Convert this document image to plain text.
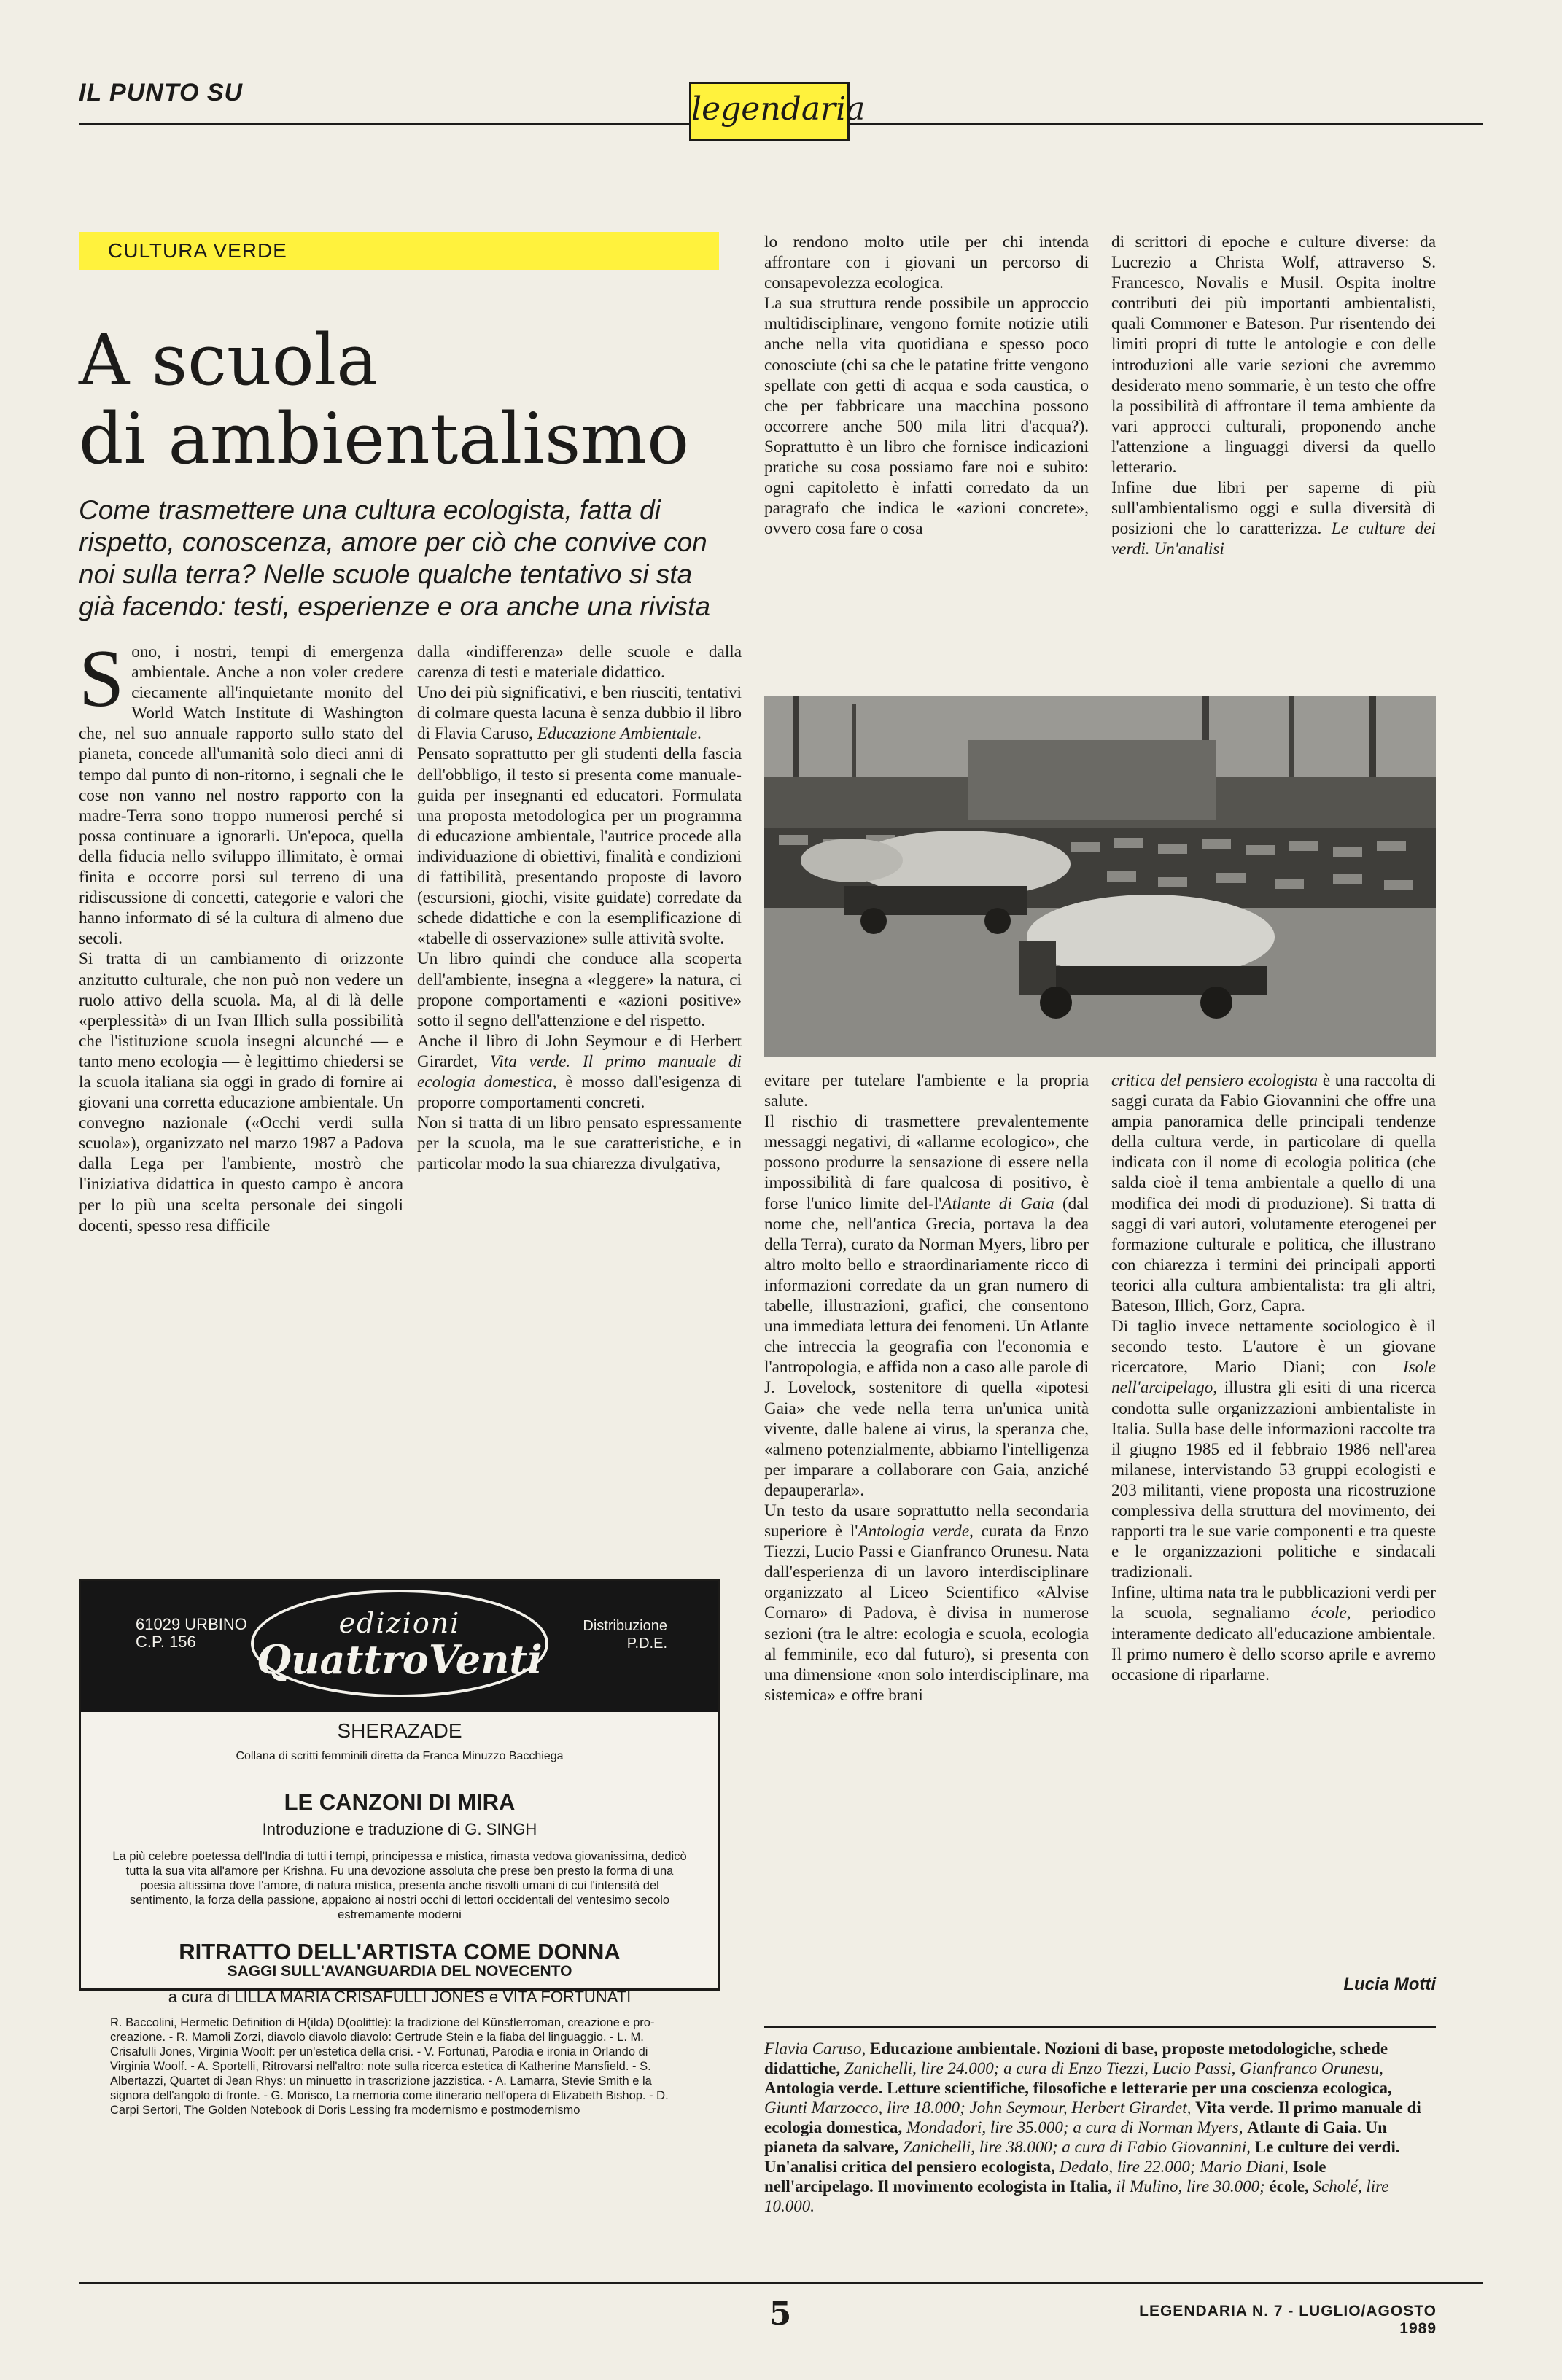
IL PUNTO SU	legendaria
CULTURA VERDE
A scuola
di ambientalismo
Come trasmettere una cultura ecologista, fatta di rispetto, conoscenza, amore per ciò che convive con noi sulla terra? Nelle scuole qualche tentativo si sta già facendo: testi, esperienze e ora anche una rivista

Sono, i nostri, tempi di emergenza ambientale. Anche a non voler credere ciecamente all'inquietante monito del World Watch Institute di Washington che, nel suo annuale rapporto sullo stato del pianeta, concede all'umanità solo dieci anni di tempo dal punto di non-ritorno, i segnali che le cose non vanno nel nostro rapporto con la madre-Terra sono troppo numerosi perché si possa continuare a ignorarli. Un'epoca, quella della fiducia nello sviluppo illimitato, è ormai finita e occorre porsi sul terreno di una ridiscussione di concetti, categorie e valori che hanno informato di sé la cultura di almeno due secoli.

Si tratta di un cambiamento di orizzonte anzitutto culturale, che non può non vedere un ruolo attivo della scuola. Ma, al di là delle «perplessità» di un Ivan Illich sulla possibilità che l'istituzione scuola insegni alcunché — e tanto meno ecologia — è legittimo chiedersi se la scuola italiana sia oggi in grado di fornire ai giovani una corretta educazione ambientale. Un convegno nazionale («Occhi verdi sulla scuola»), organizzato nel marzo 1987 a Padova dalla Lega per l'ambiente, mostrò che l'iniziativa didattica in questo campo è ancora per lo più una scelta personale dei singoli docenti, spesso resa difficile

dalla «indifferenza» delle scuole e dalla carenza di testi e materiale didattico.

Uno dei più significativi, e ben riusciti, tentativi di colmare questa lacuna è senza dubbio il libro di Flavia Caruso, Educazione Ambientale.

Pensato soprattutto per gli studenti della fascia dell'obbligo, il testo si presenta come manuale-guida per insegnanti ed educatori. Formulata una proposta metodologica per un programma di educazione ambientale, l'autrice procede alla individuazione di obiettivi, finalità e condizioni di fattibilità, presentando proposte di lavoro (escursioni, giochi, visite guidate) corredate da schede didattiche e con la esemplificazione di «tabelle di osservazione» sulle attività svolte.

Un libro quindi che conduce alla scoperta dell'ambiente, insegna a «leggere» la natura, ci propone comportamenti e «azioni positive» sotto il segno dell'attenzione e del rispetto.

Anche il libro di John Seymour e di Herbert Girardet, Vita verde. Il primo manuale di ecologia domestica, è mosso dall'esigenza di proporre comportamenti concreti.

Non si tratta di un libro pensato espressamente per la scuola, ma le sue caratteristiche, e in particolar modo la sua chiarezza divulgativa,

lo rendono molto utile per chi intenda affrontare con i giovani un percorso di consapevolezza ecologica.

La sua struttura rende possibile un approccio multidisciplinare, vengono fornite notizie utili anche nella vita quotidiana e spesso poco conosciute (chi sa che le patatine fritte vengono spellate con getti di acqua e soda caustica, o che per fabbricare una macchina possono occorrere anche 500 mila litri d'acqua?). Soprattutto è un libro che fornisce indicazioni pratiche su cosa possiamo fare noi e subito: ogni capitoletto è infatti corredato da un paragrafo che indica le «azioni concrete», ovvero cosa fare o cosa

di scrittori di epoche e culture diverse: da Lucrezio a Christa Wolf, attraverso S. Francesco, Novalis e Musil. Ospita inoltre contributi dei più importanti ambientalisti, quali Commoner e Bateson. Pur risentendo dei limiti propri di tutte le antologie e con delle introduzioni alle varie sezioni che avremmo desiderato meno sommarie, è un testo che offre la possibilità di affrontare il tema ambiente da vari approcci culturali, proponendo anche l'attenzione a linguaggi diversi da quello letterario.

Infine due libri per saperne di più sull'ambientalismo oggi e sulla diversità di posizioni che lo caratterizza. Le culture dei verdi. Un'analisi

evitare per tutelare l'ambiente e la propria salute.

Il rischio di trasmettere prevalentemente messaggi negativi, di «allarme ecologico», che possono produrre la sensazione di essere nella impossibilità di fare qualcosa di positivo, è forse l'unico limite del-l'Atlante di Gaia (dal nome che, nell'antica Grecia, portava la dea della Terra), curato da Norman Myers, libro per altro molto bello e straordinariamente ricco di informazioni corredate da un gran numero di tabelle, illustrazioni, grafici, che consentono una immediata lettura dei fenomeni. Un Atlante che intreccia la geografia con l'economia e l'antropologia, e affida non a caso alle parole di J. Lovelock, sostenitore di quella «ipotesi Gaia» che vede nella terra un'unica unità vivente, dalle balene ai virus, la speranza che, «almeno potenzialmente, abbiamo l'intelligenza per imparare a collaborare con Gaia, anziché depauperarla».

Un testo da usare soprattutto nella secondaria superiore è l'Antologia verde, curata da Enzo Tiezzi, Lucio Passi e Gianfranco Orunesu. Nata dall'esperienza di un lavoro interdisciplinare organizzato al Liceo Scientifico «Alvise Cornaro» di Padova, è divisa in numerose sezioni (tra le altre: ecologia e scuola, ecologia al femminile, eco dal futuro), si presenta con una dimensione «non solo interdisciplinare, ma sistemica» e offre brani

critica del pensiero ecologista è una raccolta di saggi curata da Fabio Giovannini che offre una ampia panoramica delle principali tendenze della cultura verde, in particolare di quella indicata con il nome di ecologia politica (che salda cioè il tema ambientale a quello di una modifica dei modi di produzione). Si tratta di saggi di vari autori, volutamente eterogenei per formazione culturale e politica, che illustrano con chiarezza i termini dei principali apporti teorici alla cultura ambientalista: tra gli altri, Bateson, Illich, Gorz, Capra.

Di taglio invece nettamente sociologico è il secondo testo. L'autore è un giovane ricercatore, Mario Diani; con Isole nell'arcipelago, illustra gli esiti di una ricerca condotta sulle organizzazioni ambientaliste in Italia. Sulla base delle informazioni raccolte tra il giugno 1985 ed il febbraio 1986 nell'area milanese, intervistando 53 gruppi ecologisti e 203 militanti, viene proposta una ricostruzione complessiva della struttura del movimento, dei rapporti tra le sue varie componenti e tra queste e le organizzazioni politiche e sindacali tradizionali.

Infine, ultima nata tra le pubblicazioni verdi per la scuola, segnaliamo école, periodico interamente dedicato all'educazione ambientale. Il primo numero è dello scorso aprile e avremo occasione di riparlarne.

Lucia Motti
Flavia Caruso, Educazione ambientale. Nozioni di base, proposte metodologiche, schede didattiche, Zanichelli, lire 24.000; a cura di Enzo Tiezzi, Lucio Passi, Gianfranco Orunesu, Antologia verde. Letture scientifiche, filosofiche e letterarie per una coscienza ecologica, Giunti Marzocco, lire 18.000; John Seymour, Herbert Girardet, Vita verde. Il primo manuale di ecologia domestica, Mondadori, lire 35.000; a cura di Norman Myers, Atlante di Gaia. Un pianeta da salvare, Zanichelli, lire 38.000; a cura di Fabio Giovannini, Le culture dei verdi. Un'analisi critica del pensiero ecologista, Dedalo, lire 22.000; Mario Diani, Isole nell'arcipelago. Il movimento ecologista in Italia, il Mulino, lire 30.000; école, Scholé, lire 10.000.
61029 URBINO
C.P. 156
edizioni
QuattroVenti
Distribuzione
P.D.E.
SHERAZADE
Collana di scritti femminili diretta da Franca Minuzzo Bacchiega
LE CANZONI DI MIRA
Introduzione e traduzione di G. SINGH
La più celebre poetessa dell'India di tutti i tempi, principessa e mistica, rimasta vedova giovanissima, dedicò tutta la sua vita all'amore per Krishna. Fu una devozione assoluta che prese ben presto la forma di una poesia altissima dove l'amore, di natura mistica, presenta anche risvolti umani di cui l'intensità del sentimento, la forza della passione, appaiono ai nostri occhi di lettori occidentali del ventesimo secolo estremamente moderni
RITRATTO DELL'ARTISTA COME DONNA
SAGGI SULL'AVANGUARDIA DEL NOVECENTO
a cura di LILLA MARIA CRISAFULLI JONES e VITA FORTUNATI
R. Baccolini, Hermetic Definition di H(ilda) D(oolittle): la tradizione del Künstlerroman, creazione e pro-creazione. - R. Mamoli Zorzi, diavolo diavolo diavolo: Gertrude Stein e la fiaba del linguaggio. - L. M. Crisafulli Jones, Virginia Woolf: per un'estetica della crisi. - V. Fortunati, Parodia e ironia in Orlando di Virginia Woolf. - A. Sportelli, Ritrovarsi nell'altro: note sulla ricerca estetica di Katherine Mansfield. - S. Albertazzi, Quartet di Jean Rhys: un minuetto in trascrizione jazzistica. - A. Lamarra, Stevie Smith e la signora dell'angolo di fronte. - G. Morisco, La memoria come itinerario nell'opera di Elizabeth Bishop. - D. Carpi Sertori, The Golden Notebook di Doris Lessing fra modernismo e postmodernismo
5	LEGENDARIA N. 7 - LUGLIO/AGOSTO 1989
